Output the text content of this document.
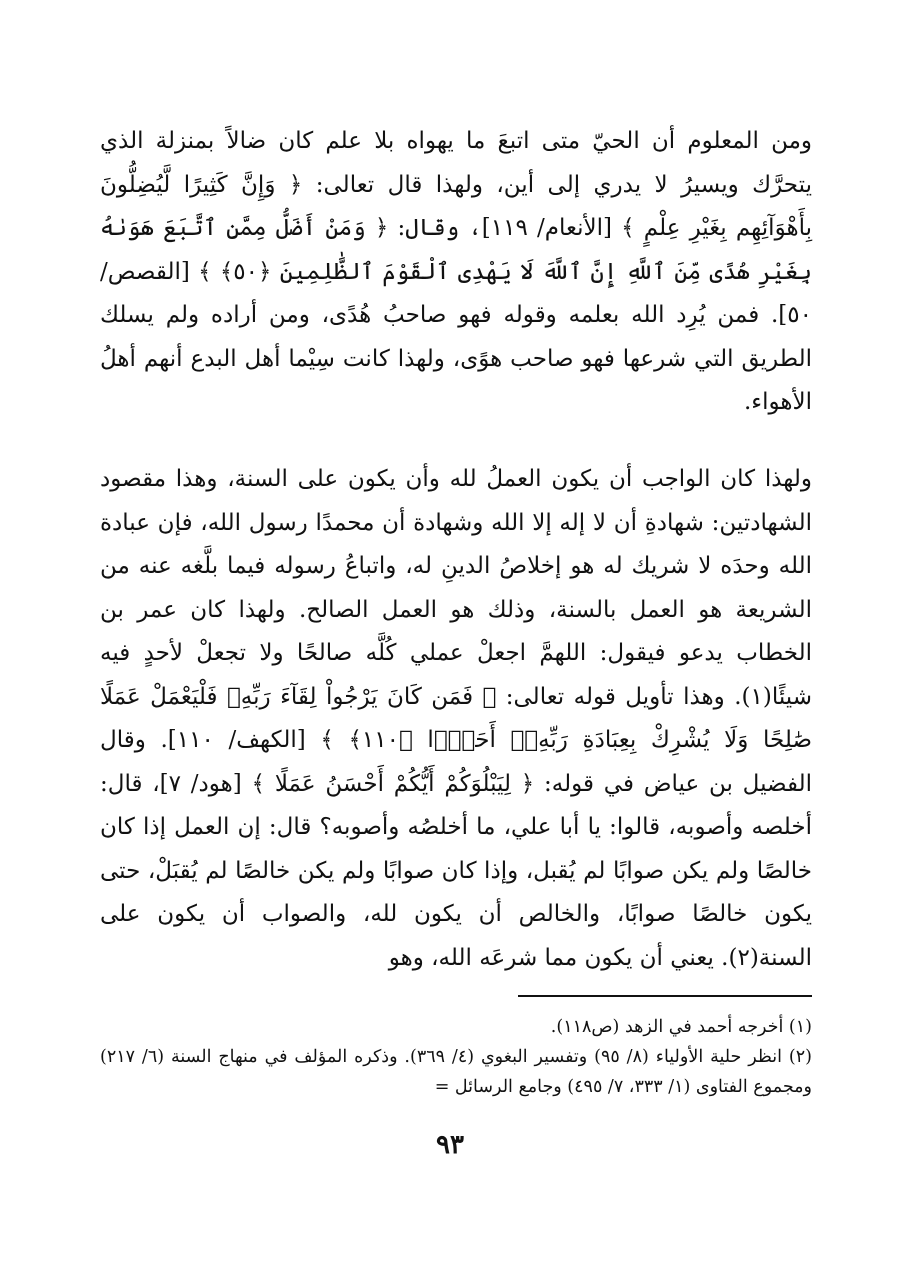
ومن المعلوم أن الحيّ متى اتبعَ ما يهواه بلا علم كان ضالاً بمنزلة الذي يتحرَّك ويسيرُ لا يدري إلى أين، ولهذا قال تعالى: ﴿ وَإِنَّ كَثِيرًا لَّيُضِلُّونَ بِأَهْوَآئِهِم بِغَيْرِ عِلْمٍ ﴾ [الأنعام/ ١١٩]، وقال: ﴿ وَمَنْ أَضَلُّ مِمَّنِ ٱتَّبَعَ هَوَىٰهُ بِغَيْرِ هُدًى مِّنَ ٱللَّهِ إِنَّ ٱللَّهَ لَا يَهْدِى ٱلْقَوْمَ ٱلظَّٰلِمِينَ ﴿٥٠﴾ ﴾ [القصص/ ٥٠]. فمن يُرِد الله بعلمه وقوله فهو صاحبُ هُدًى، ومن أراده ولم يسلك الطريق التي شرعها فهو صاحب هوًى، ولهذا كانت سِيْما أهل البدع أنهم أهلُ الأهواء.

ولهذا كان الواجب أن يكون العملُ لله وأن يكون على السنة، وهذا مقصود الشهادتين: شهادةِ أن لا إله إلا الله وشهادة أن محمدًا رسول الله، فإن عبادة الله وحدَه لا شريك له هو إخلاصُ الدينِ له، واتباعُ رسوله فيما بلَّغه عنه من الشريعة هو العمل بالسنة، وذلك هو العمل الصالح. ولهذا كان عمر بن الخطاب يدعو فيقول: اللهمَّ اجعلْ عملي كُلَّه صالحًا ولا تجعلْ لأحدٍ فيه شيئًا(١). وهذا تأويل قوله تعالى: ﴿ فَمَن كَانَ يَرْجُواْ لِقَآءَ رَبِّهِۦ فَلْيَعْمَلْ عَمَلًا صَٰلِحًا وَلَا يُشْرِكْ بِعِبَادَةِ رَبِّهِۦٓ أَحَدًۢا ﴿١١٠﴾ ﴾ [الكهف/ ١١٠]. وقال الفضيل بن عياض في قوله: ﴿ لِيَبْلُوَكُمْ أَيُّكُمْ أَحْسَنُ عَمَلًا ﴾ [هود/ ٧]، قال: أخلصه وأصوبه، قالوا: يا أبا علي، ما أخلصُه وأصوبه؟ قال: إن العمل إذا كان خالصًا ولم يكن صوابًا لم يُقبل، وإذا كان صوابًا ولم يكن خالصًا لم يُقبَلْ، حتى يكون خالصًا صوابًا، والخالص أن يكون لله، والصواب أن يكون على السنة(٢). يعني أن يكون مما شرعَه الله، وهو

(١) أخرجه أحمد في الزهد (ص١١٨).

(٢) انظر حلية الأولياء (٨/ ٩٥) وتفسير البغوي (٤/ ٣٦٩). وذكره المؤلف في منهاج السنة (٦/ ٢١٧) ومجموع الفتاوى (١/ ٣٣٣، ٧/ ٤٩٥) وجامع الرسائل =

٩٣
